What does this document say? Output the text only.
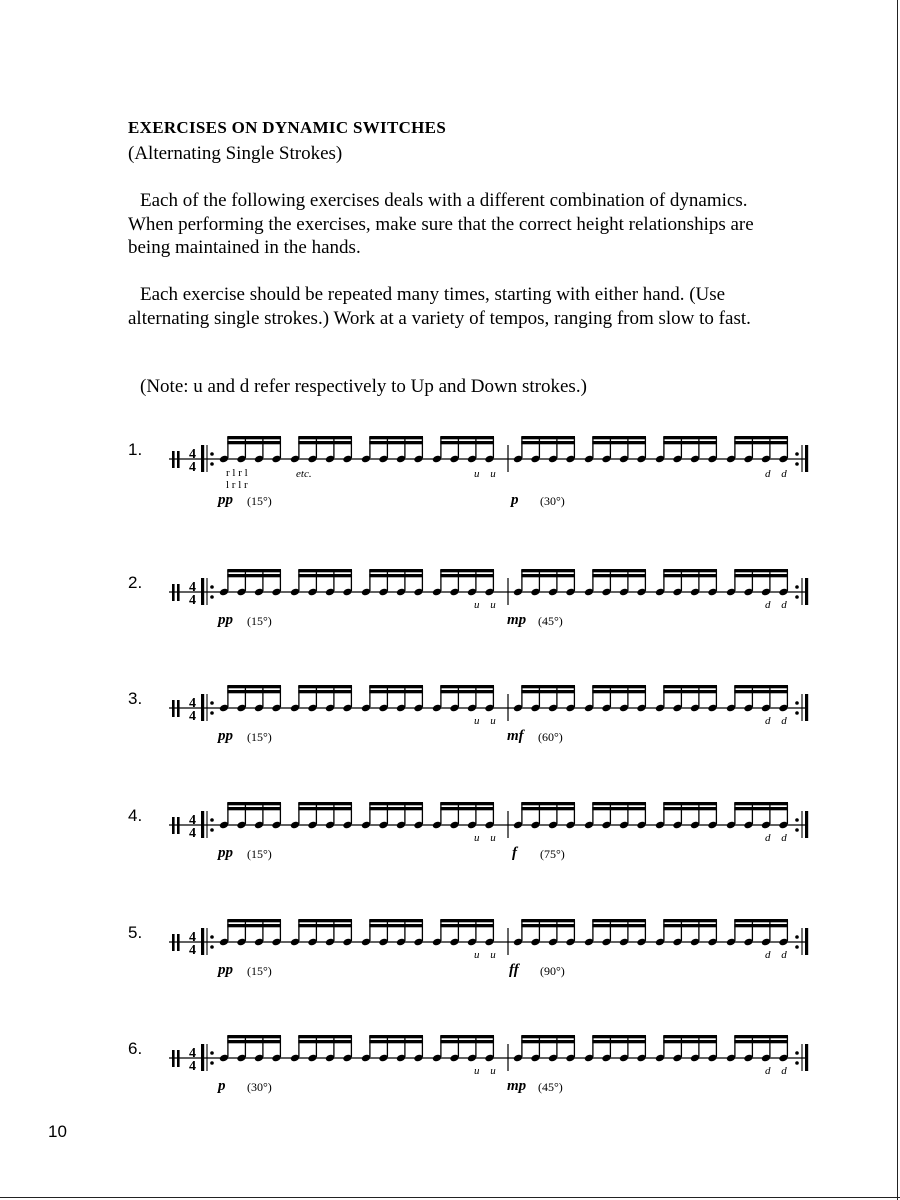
EXERCISES ON DYNAMIC SWITCHES
(Alternating Single Strokes)

Each of the following exercises deals with a different combination of dynamics. When performing the exercises, make sure that the correct height relationships are being maintained in the hands.

Each exercise should be repeated many times, starting with either hand. (Use alternating single strokes.) Work at a variety of tempos, ranging from slow to fast.

(Note: u and d refer respectively to Up and Down strokes.)
1.	4
4	r l r l
l r l r
etc.	u u	d d
pp (15°)	p (30°)
2.	4
4	u u	d d
pp (15°)	mp (45°)
3.	4
4	u u	d d
pp (15°)	mf (60°)
4.	4
4	u u	d d
pp (15°)	f (75°)
5.	4
4	u u	d d
pp (15°)	ff (90°)
6.	4
4	u u	d d
p (30°)	mp (45°)
10
